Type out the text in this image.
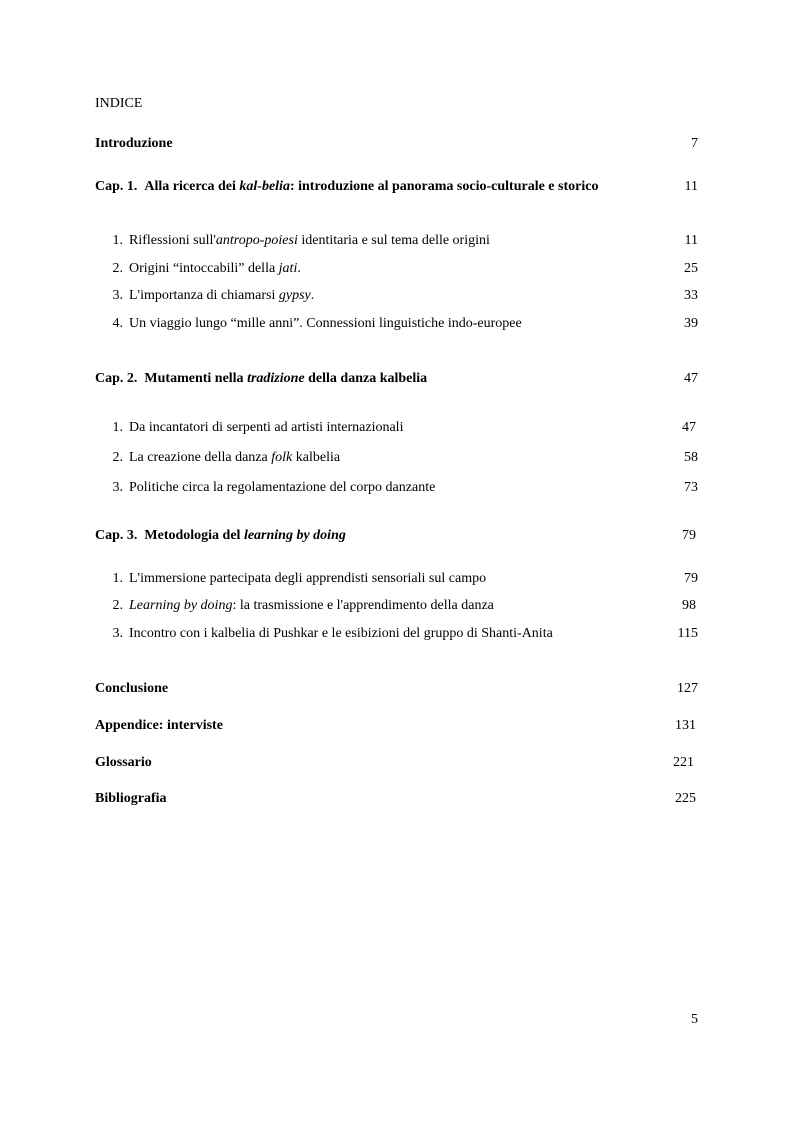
INDICE
Introduzione	7
Cap. 1. Alla ricerca dei kal-belia: introduzione al panorama socio-culturale e storico	11
1. Riflessioni sull'antropo-poiesi identitaria e sul tema delle origini	11
2. Origini “intoccabili” della jati.	25
3. L'importanza di chiamarsi gypsy.	33
4. Un viaggio lungo “mille anni”. Connessioni linguistiche indo-europee	39
Cap. 2. Mutamenti nella tradizione della danza kalbelia	47
1. Da incantatori di serpenti ad artisti internazionali	47
2. La creazione della danza folk kalbelia	58
3. Politiche circa la regolamentazione del corpo danzante	73
Cap. 3. Metodologia del learning by doing	79
1. L'immersione partecipata degli apprendisti sensoriali sul campo	79
2. Learning by doing: la trasmissione e l'apprendimento della danza	98
3. Incontro con i kalbelia di Pushkar e le esibizioni del gruppo di Shanti-Anita	115
Conclusione	127
Appendice: interviste	131
Glossario	221
Bibliografia	225
5
